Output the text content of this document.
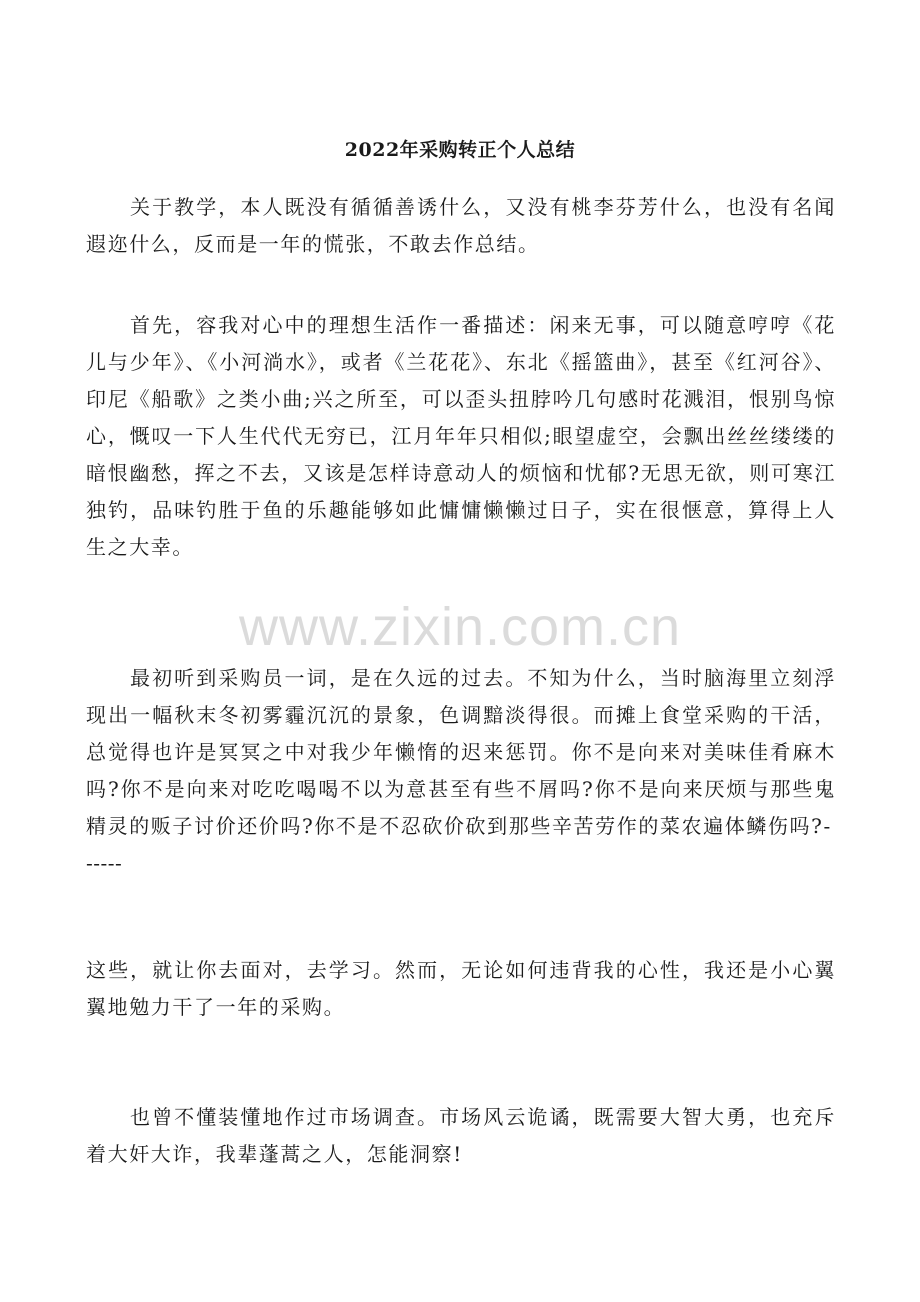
2022年采购转正个人总结

关于教学，本人既没有循循善诱什么，又没有桃李芬芳什么，也没有名闻遐迩什么，反而是一年的慌张，不敢去作总结。

首先，容我对心中的理想生活作一番描述：闲来无事，可以随意哼哼《花儿与少年》、《小河淌水》，或者《兰花花》、东北《摇篮曲》，甚至《红河谷》、印尼《船歌》之类小曲;兴之所至，可以歪头扭脖吟几句感时花溅泪，恨别鸟惊心，慨叹一下人生代代无穷已，江月年年只相似;眼望虚空，会飘出丝丝缕缕的暗恨幽愁，挥之不去，又该是怎样诗意动人的烦恼和忧郁?无思无欲，则可寒江独钓，品味钓胜于鱼的乐趣能够如此慵慵懒懒过日子，实在很惬意，算得上人生之大幸。

最初听到采购员一词，是在久远的过去。不知为什么，当时脑海里立刻浮现出一幅秋末冬初雾霾沉沉的景象，色调黯淡得很。而摊上食堂采购的干活，总觉得也许是冥冥之中对我少年懒惰的迟来惩罚。你不是向来对美味佳肴麻木吗?你不是向来对吃吃喝喝不以为意甚至有些不屑吗?你不是向来厌烦与那些鬼精灵的贩子讨价还价吗?你不是不忍砍价砍到那些辛苦劳作的菜农遍体鳞伤吗?-
-----

这些，就让你去面对，去学习。然而，无论如何违背我的心性，我还是小心翼翼地勉力干了一年的采购。

也曾不懂装懂地作过市场调查。市场风云诡谲，既需要大智大勇，也充斥着大奸大诈，我辈蓬蒿之人，怎能洞察!

www.zixin.com.cn
